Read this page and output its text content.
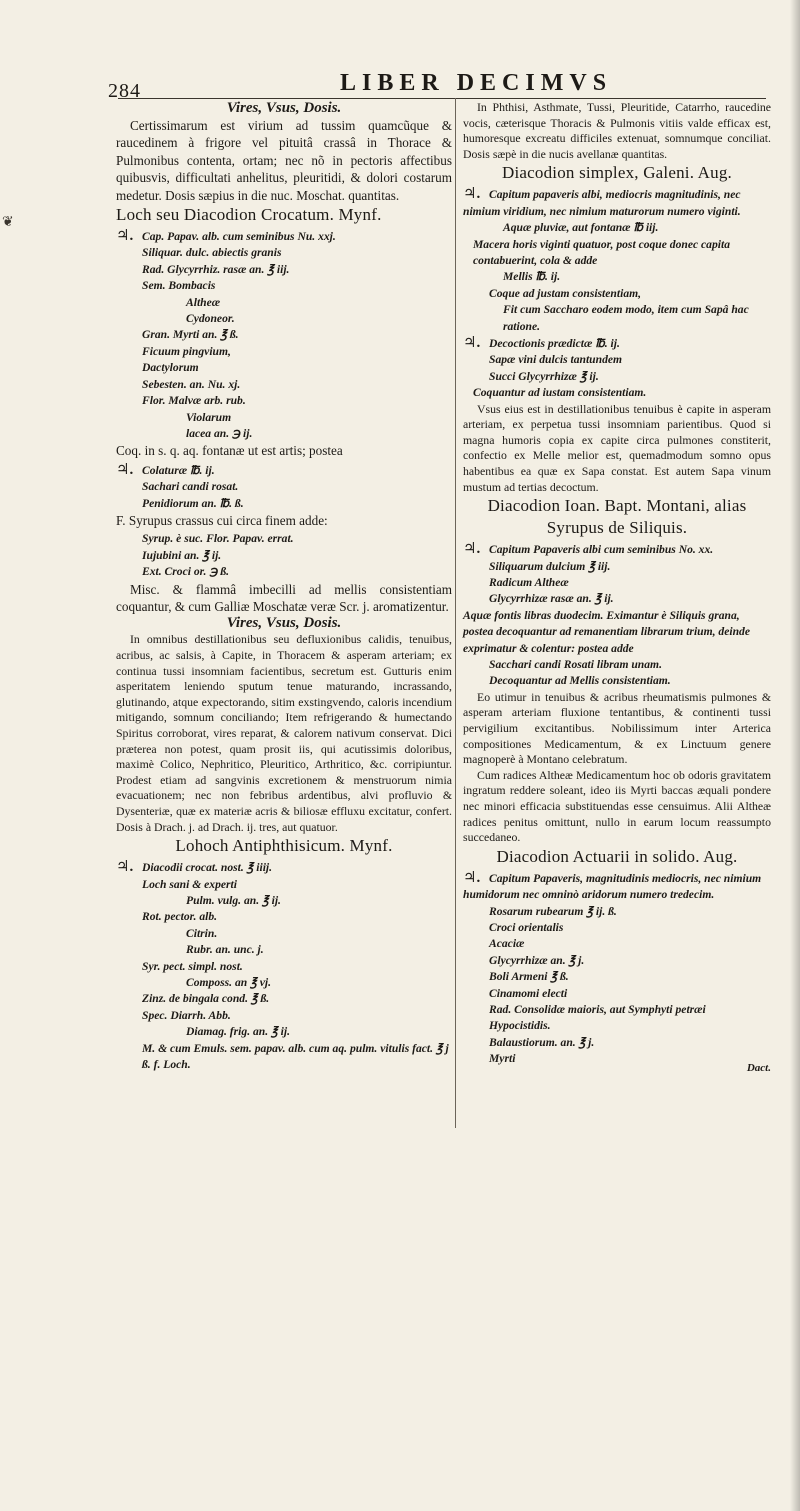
284	LIBER DECIMVS
❦

Vires, Vsus, Dosis.

Certissimarum est virium ad tussim quamcũque & raucedinem à frigore vel pituitâ crassâ in Thorace & Pulmonibus contenta, ortam; nec nõ in pectoris affectibus quibusvis, difficultati anhelitus, pleuritidi, & dolori costarum medetur. Dosis sæpius in die nuc. Moschat. quantitas.

Loch seu Diacodion Crocatum. Mynf.

♃. Cap. Papav. alb. cum seminibus Nu. xxj.
Siliquar. dulc. abiectis granis
Rad. Glycyrrhiz. rasæ an. ℥ iij.
Sem. Bombacis
Altheæ
Cydoneor.
Gran. Myrti an. ℥ ß.
Ficuum pingvium,
Dactylorum
Sebesten. an. Nu. xj.
Flor. Malvæ arb. rub.
Violarum
lacea an. ℈ ij.

Coq. in s. q. aq. fontanæ ut est artis; postea

♃. Colaturæ ℔. ij.
Sachari candi rosat.
Penidiorum an. ℔. ß.

F. Syrupus crassus cui circa finem adde:

Syrup. è suc. Flor. Papav. errat.
Iujubini an. ℥ ij.
Ext. Croci or. ℈ ß.

Misc. & flammâ imbecilli ad mellis consistentiam coquantur, & cum Galliæ Moschatæ veræ Scr. j. aromatizentur.

Vires, Vsus, Dosis.

In omnibus destillationibus seu defluxionibus calidis, tenuibus, acribus, ac salsis, à Capite, in Thoracem & asperam arteriam; ex continua tussi insomniam facientibus, secretum est. Gutturis enim asperitatem leniendo sputum tenue maturando, incrassando, glutinando, atque expectorando, sitim exstingvendo, caloris incendium mitigando, somnum conciliando; Item refrigerando & humectando Spiritus corroborat, vires reparat, & calorem nativum conservat. Dici præterea non potest, quam prosit iis, qui acutissimis doloribus, maximè Colico, Nephritico, Pleuritico, Arthritico, &c. corripiuntur. Prodest etiam ad sangvinis excretionem & menstruorum nimia evacuationem; nec non febribus ardentibus, alvi profluvio & Dysenteriæ, quæ ex materiæ acris & biliosæ effluxu excitatur, confert. Dosis à Drach. j. ad Drach. ij. tres, aut quatuor.

Lohoch Antiphthisicum. Mynf.

♃. Diacodii crocat. nost. ℥ iiij.
Loch sani & experti
Pulm. vulg. an. ℥ ij.
Rot. pector. alb.
Citrin.
Rubr. an. unc. j.
Syr. pect. simpl. nost.
Composs. an ℥ vj.
Zinz. de bingala cond. ℥ ß.
Spec. Diarrh. Abb.
Diamag. frig. an. ℥ ij.
M. & cum Emuls. sem. papav. alb. cum aq. pulm. vitulis fact. ℥ j ß. f. Loch.

In Phthisi, Asthmate, Tussi, Pleuritide, Catarrho, raucedine vocis, cæterisque Thoracis & Pulmonis vitiis valde efficax est, humoresque excreatu difficiles extenuat, somnumque conciliat. Dosis sæpè in die nucis avellanæ quantitas.

Diacodion simplex, Galeni. Aug.

♃. Capitum papaveris albi, mediocris magnitudinis, nec nimium viridium, nec nimium maturorum numero viginti.
Aquæ pluviæ, aut fontanæ ℔ iij.
Macera horis viginti quatuor, post coque donec capita contabuerint, cola & adde
Mellis ℔. ij.
Coque ad justam consistentiam,
Fit cum Saccharo eodem modo, item cum Sapâ hac ratione.
♃. Decoctionis prædictæ ℔. ij.
Sapæ vini dulcis tantundem
Succi Glycyrrhizæ ℥ ij.
Coquantur ad iustam consistentiam.

Vsus eius est in destillationibus tenuibus è capite in asperam arteriam, ex perpetua tussi insomniam parientibus. Quod si magna humoris copia ex capite circa pulmones constiterit, confectio ex Melle melior est, quemadmodum somno opus habentibus ea quæ ex Sapa constat. Est autem Sapa vinum mustum ad tertias decoctum.

Diacodion Ioan. Bapt. Montani, alias Syrupus de Siliquis.

♃. Capitum Papaveris albi cum seminibus No. xx.
Siliquarum dulcium ℥ iij.
Radicum Altheæ
Glycyrrhizæ rasæ an. ℥ ij.
Aquæ fontis libras duodecim. Eximantur è Siliquis grana, postea decoquantur ad remanentiam librarum trium, deinde exprimatur & colentur: postea adde
Sacchari candi Rosati libram unam.
Decoquantur ad Mellis consistentiam.

Eo utimur in tenuibus & acribus rheumatismis pulmones & asperam arteriam fluxione tentantibus, & continenti tussi pervigilium excitantibus. Nobilissimum inter Arterica compositiones Medicamentum, & ex Linctuum genere magnoperè à Montano celebratum.

Cum radices Altheæ Medicamentum hoc ob odoris gravitatem ingratum reddere soleant, ideo iis Myrti baccas æquali pondere nec minori efficacia substituendas esse censuimus. Alii Altheæ radices penitus omittunt, nullo in earum locum reassumpto succedaneo.

Diacodion Actuarii in solido. Aug.

♃. Capitum Papaveris, magnitudinis mediocris, nec nimium humidorum nec omninò aridorum numero tredecim.
Rosarum rubearum ℥ ij. ß.
Croci orientalis
Acaciæ
Glycyrrhizæ an. ℥ j.
Boli Armeni ℥ ß.
Cinamomi electi
Rad. Consolidæ maioris, aut Symphyti petræi
Hypocistidis.
Balaustiorum. an. ℥ j.
Myrti
Dact.
